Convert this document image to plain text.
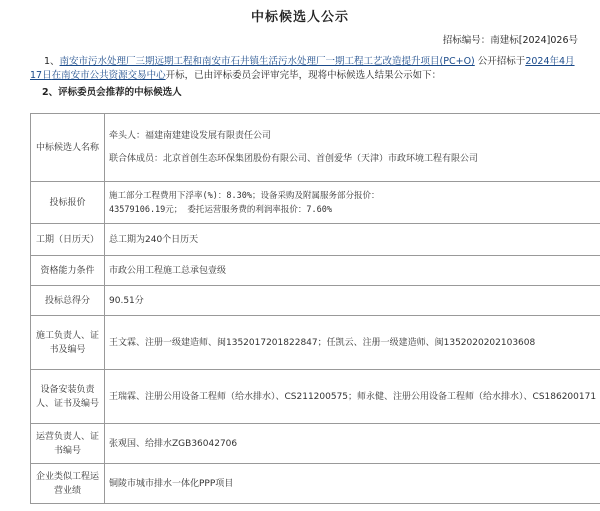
中标候选人公示
招标编号：南建标[2024]026号

1、南安市污水处理厂三期远期工程和南安市石井镇生活污水处理厂一期工程工艺改造提升项目(PC+O) 公开招标于2024年4月17日在南安市公共资源交易中心开标，已由评标委员会评审完毕，现将中标候选人结果公示如下：

2、评标委员会推荐的中标候选人
中标候选人名称	牵头人：福建南建建设发展有限责任公司
联合体成员：北京首创生态环保集团股份有限公司、首创爱华（天津）市政环境工程有限公司

投标报价	施工部分工程费用下浮率(%)：8.30%；设备采购及附属服务部分报价：
43579106.19元； 委托运营服务费的利润率报价：7.60%

工期（日历天）	总工期为240个日历天
资格能力条件	市政公用工程施工总承包壹级
投标总得分	90.51分
施工负责人、证书及编号	王文霖、注册一级建造师、闽1352017201822847；任凯云、注册一级建造师、闽1352020202103608
设备安装负责人、证书及编号	王瑞霖、注册公用设备工程师（给水排水）、CS211200575；师永健、注册公用设备工程师（给水排水）、CS186200171
运营负责人、证书编号	张观国、给排水ZGB36042706
企业类似工程运营业绩	铜陵市城市排水一体化PPP项目
